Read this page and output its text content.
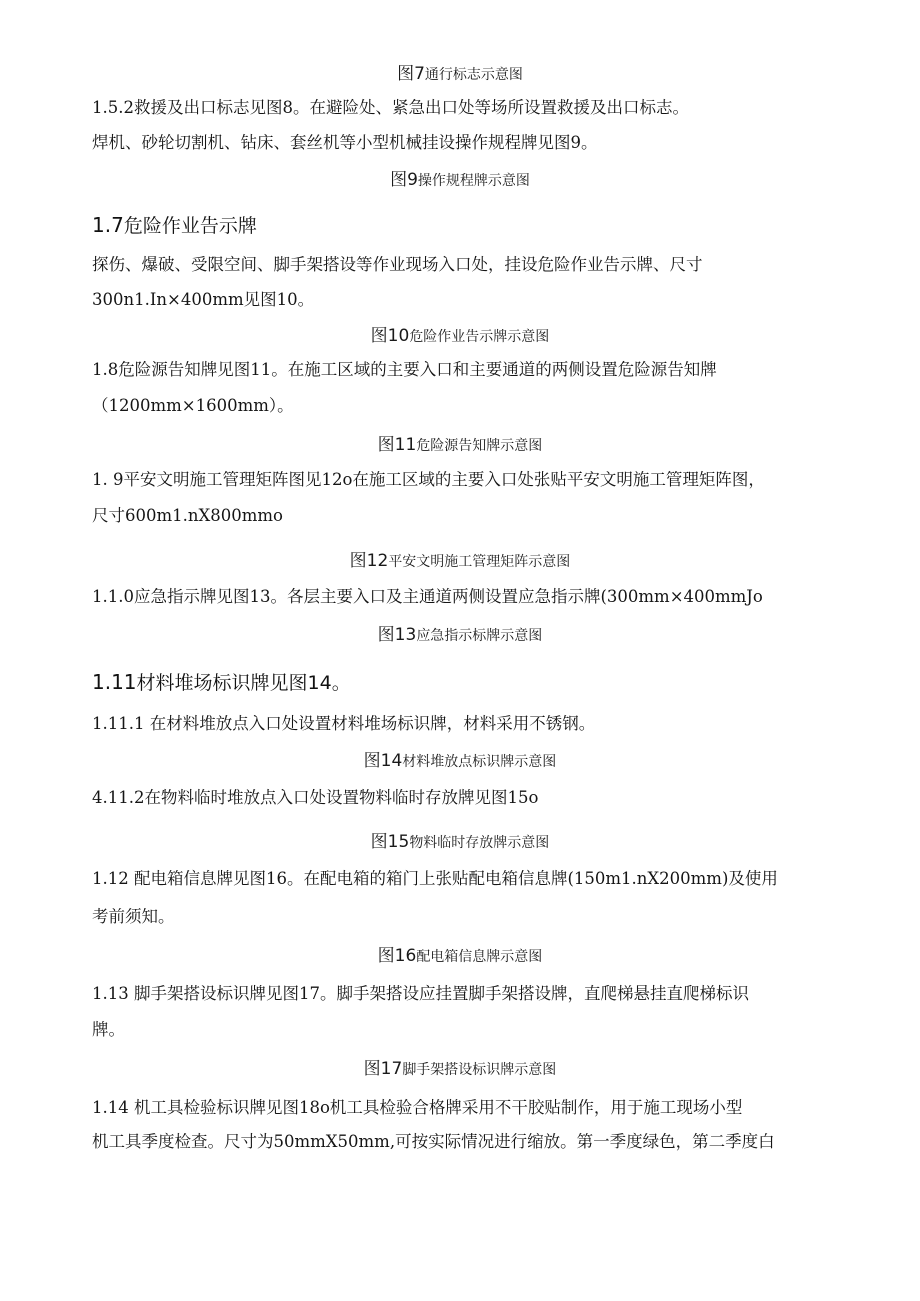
图7通行标志示意图
1.5.2救援及出口标志见图8。在避险处、紧急出口处等场所设置救援及出口标志。
焊机、砂轮切割机、钻床、套丝机等小型机械挂设操作规程牌见图9。
图9操作规程牌示意图
1.7危险作业告示牌
探伤、爆破、受限空间、脚手架搭设等作业现场入口处，挂设危险作业告示牌、尺寸
300n1.In×400mm见图10。
图10危险作业告示牌示意图
1.8危险源告知牌见图11。在施工区域的主要入口和主要通道的两侧设置危险源告知牌
（1200mm×1600mm）。
图11危险源告知牌示意图
1. 9平安文明施工管理矩阵图见12o在施工区域的主要入口处张贴平安文明施工管理矩阵图，
尺寸600m1.nX800mmo
图12平安文明施工管理矩阵示意图
1.1.0应急指示牌见图13。各层主要入口及主通道两侧设置应急指示牌(300mm×400mmJo
图13应急指示标牌示意图
1.11材料堆场标识牌见图14。
1.11.1 在材料堆放点入口处设置材料堆场标识牌，材料采用不锈钢。
图14材料堆放点标识牌示意图
4.11.2在物料临时堆放点入口处设置物料临时存放牌见图15o
图15物料临时存放牌示意图
1.12 配电箱信息牌见图16。在配电箱的箱门上张贴配电箱信息牌(150m1.nX200mm)及使用
考前须知。
图16配电箱信息牌示意图
1.13 脚手架搭设标识牌见图17。脚手架搭设应挂置脚手架搭设牌，直爬梯悬挂直爬梯标识
牌。
图17脚手架搭设标识牌示意图
1.14 机工具检验标识牌见图18o机工具检验合格牌采用不干胶贴制作，用于施工现场小型
机工具季度检查。尺寸为50mmX50mm,可按实际情况进行缩放。第一季度绿色，第二季度白
